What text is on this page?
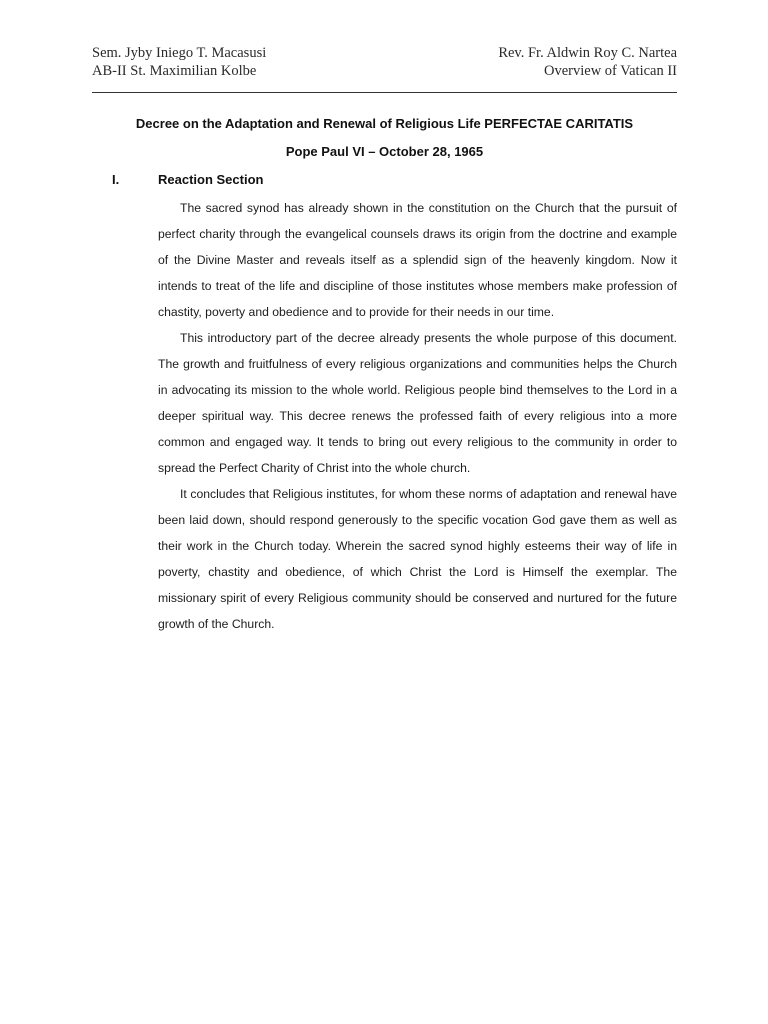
Sem. Jyby Iniego T. Macasusi
AB-II St. Maximilian Kolbe
Rev. Fr. Aldwin Roy C. Nartea
Overview of Vatican II
Decree on the Adaptation and Renewal of Religious Life PERFECTAE CARITATIS
Pope Paul VI – October 28, 1965
I.	Reaction Section

The sacred synod has already shown in the constitution on the Church that the pursuit of perfect charity through the evangelical counsels draws its origin from the doctrine and example of the Divine Master and reveals itself as a splendid sign of the heavenly kingdom. Now it intends to treat of the life and discipline of those institutes whose members make profession of chastity, poverty and obedience and to provide for their needs in our time.

This introductory part of the decree already presents the whole purpose of this document. The growth and fruitfulness of every religious organizations and communities helps the Church in advocating its mission to the whole world. Religious people bind themselves to the Lord in a deeper spiritual way. This decree renews the professed faith of every religious into a more common and engaged way. It tends to bring out every religious to the community in order to spread the Perfect Charity of Christ into the whole church.

It concludes that Religious institutes, for whom these norms of adaptation and renewal have been laid down, should respond generously to the specific vocation God gave them as well as their work in the Church today. Wherein the sacred synod highly esteems their way of life in poverty, chastity and obedience, of which Christ the Lord is Himself the exemplar. The missionary spirit of every Religious community should be conserved and nurtured for the future growth of the Church.
